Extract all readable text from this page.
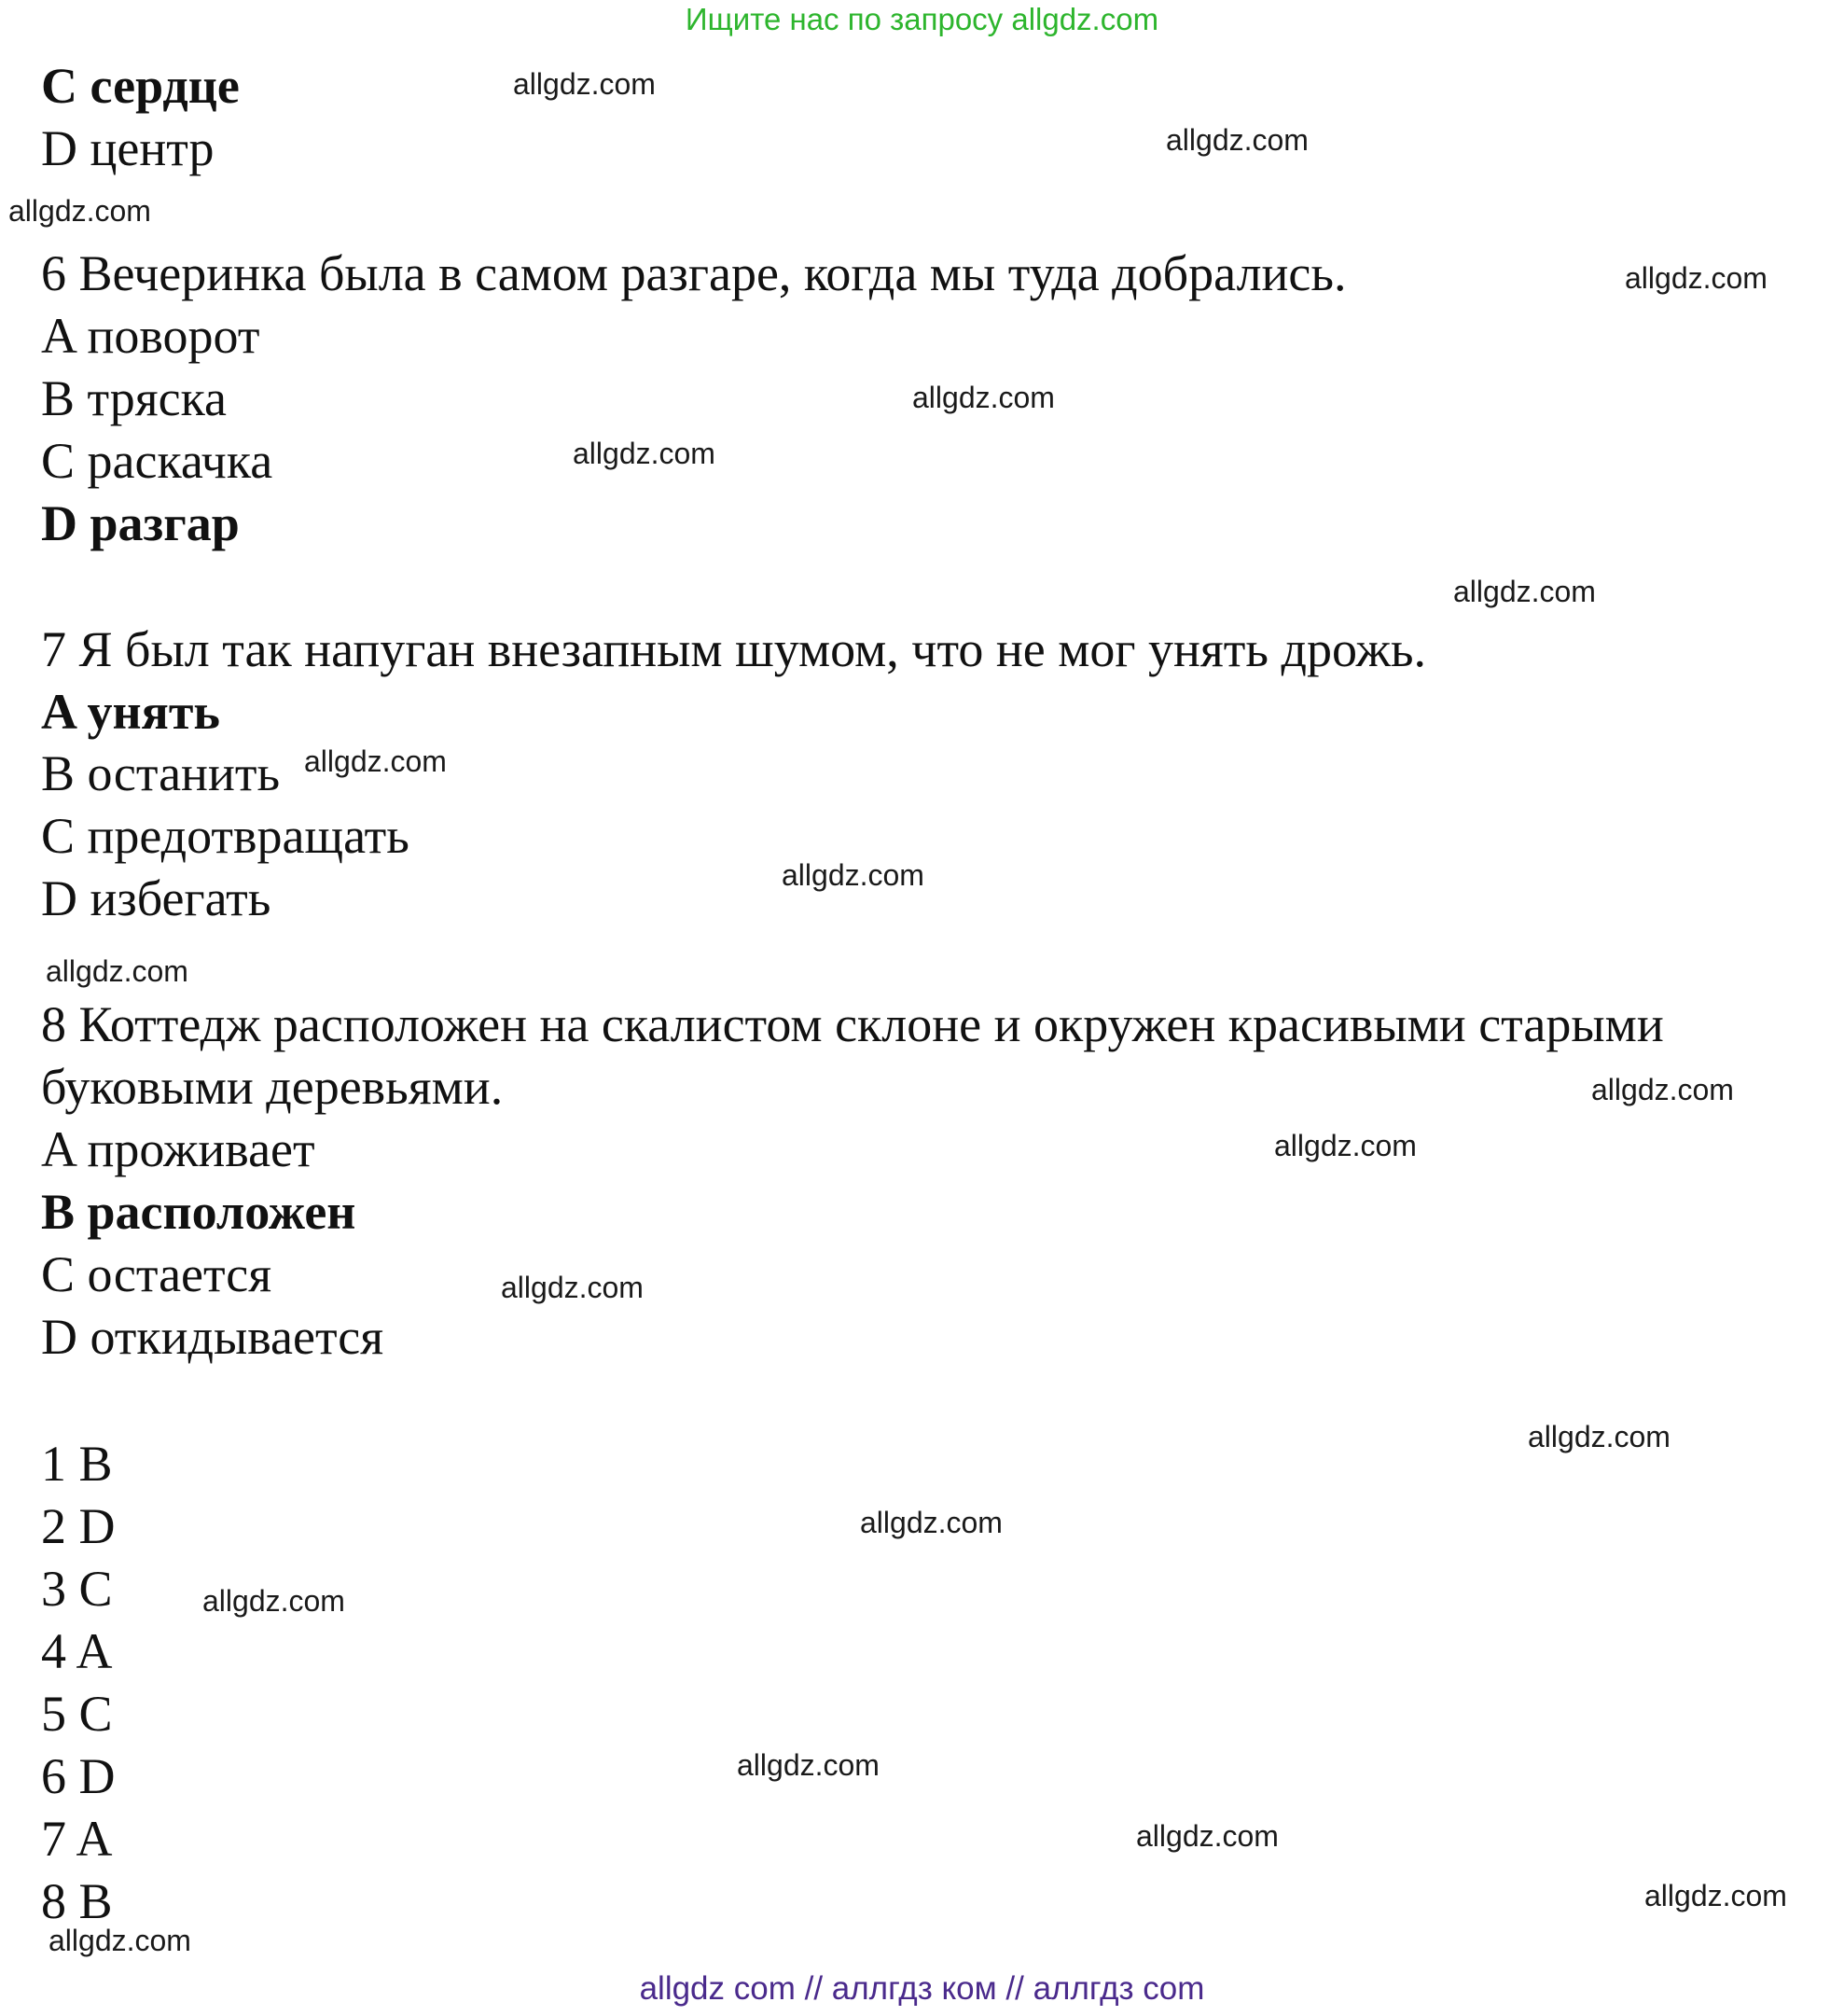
Ищите нас по запросу allgdz.com
C сердце
D центр
6 Вечеринка была в самом разгаре, когда мы туда добрались.
A поворот
B тряска
C раскачка
D разгар
7 Я был так напуган внезапным шумом, что не мог унять дрожь.
A унять
B останить
C предотвращать
D избегать
8 Коттедж расположен на скалистом склоне и окружен красивыми старыми
буковыми деревьями.
A проживает
B расположен
C остается
D откидывается
1 B
2 D
3 C
4 A
5 C
6 D
7 A
8 B
allgdz.com
allgdz.com
allgdz.com
allgdz.com
allgdz.com
allgdz.com
allgdz.com
allgdz.com
allgdz.com
allgdz.com
allgdz.com
allgdz.com
allgdz.com
allgdz.com
allgdz.com
allgdz.com
allgdz.com
allgdz.com
allgdz.com
allgdz.com
allgdz com // аллгдз ком // аллгдз com
